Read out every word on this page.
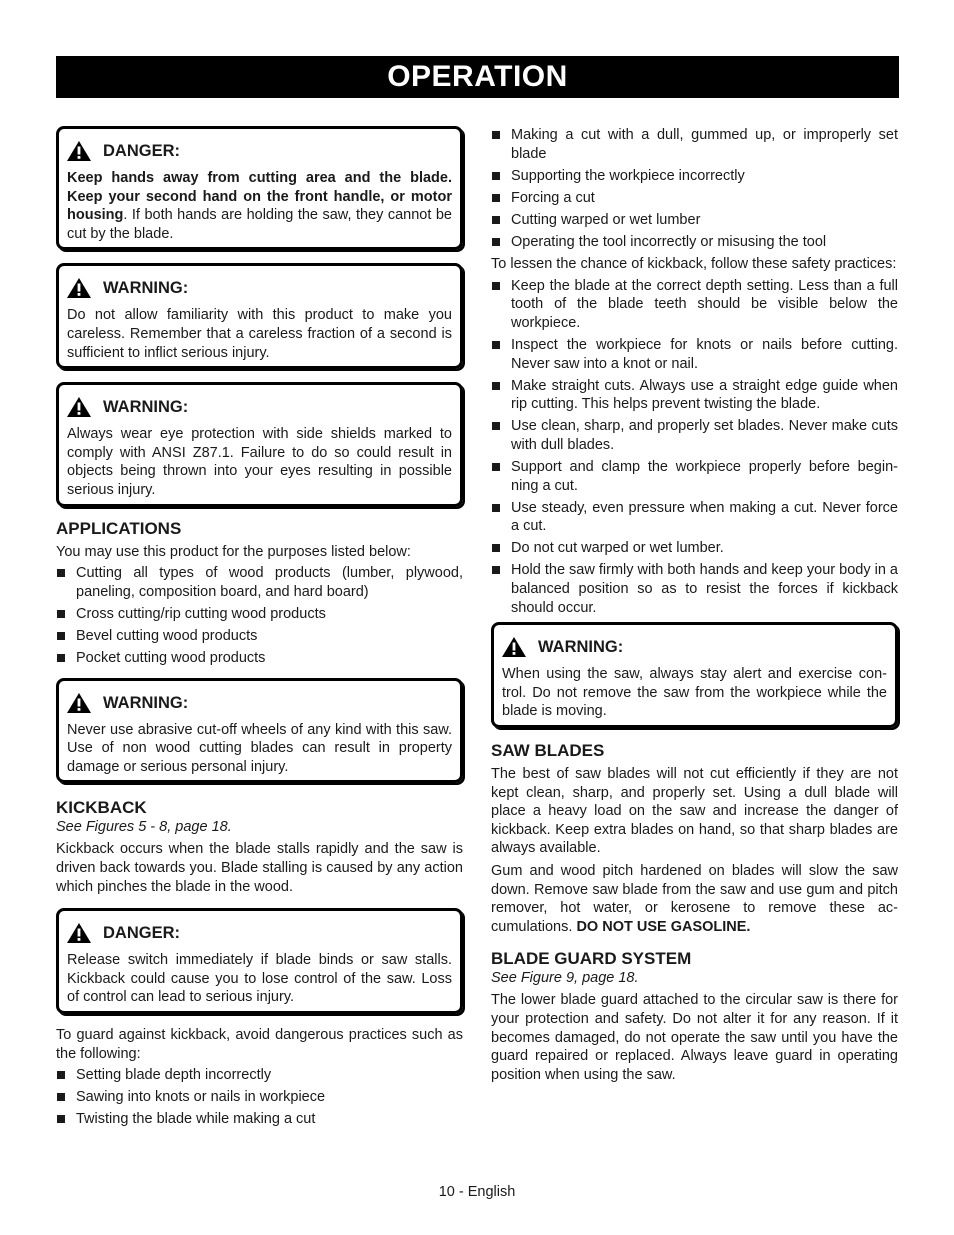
OPERATION
DANGER:

Keep hands away from cutting area and the blade. Keep your second hand on the front handle, or motor housing. If both hands are holding the saw, they cannot be cut by the blade.

WARNING:

Do not allow familiarity with this product to make you careless. Remember that a careless fraction of a second is sufficient to inflict serious injury.

WARNING:

Always wear eye protection with side shields marked to comply with ANSI Z87.1. Failure to do so could result in objects being thrown into your eyes resulting in possible serious injury.

APPLICATIONS

You may use this product for the purposes listed below:

Cutting all types of wood products (lumber, plywood, paneling, composition board, and hard board)
Cross cutting/rip cutting wood products
Bevel cutting wood products
Pocket cutting wood products
WARNING:

Never use abrasive cut-off wheels of any kind with this saw. Use of non wood cutting blades can result in property damage or serious personal injury.

KICKBACK

See Figures 5 - 8, page 18.

Kickback occurs when the blade stalls rapidly and the saw is driven back towards you. Blade stalling is caused by any action which pinches the blade in the wood.

DANGER:

Release switch immediately if blade binds or saw stalls. Kickback could cause you to lose control of the saw. Loss of control can lead to serious injury.

To guard against kickback, avoid dangerous practices such as the following:

Setting blade depth incorrectly
Sawing into knots or nails in workpiece
Twisting the blade while making a cut
Making a cut with a dull, gummed up, or improperly set blade
Supporting the workpiece incorrectly
Forcing a cut
Cutting warped or wet lumber
Operating the tool incorrectly or misusing the tool

To lessen the chance of kickback, follow these safety practices:

Keep the blade at the correct depth setting. Less than a full tooth of the blade teeth should be visible below the workpiece.
Inspect the workpiece for knots or nails before cutting. Never saw into a knot or nail.
Make straight cuts. Always use a straight edge guide when rip cutting. This helps prevent twisting the blade.
Use clean, sharp, and properly set blades. Never make cuts with dull blades.
Support and clamp the workpiece properly before begin-ning a cut.
Use steady, even pressure when making a cut. Never force a cut.
Do not cut warped or wet lumber.
Hold the saw firmly with both hands and keep your body in a balanced position so as to resist the forces if kickback should occur.
WARNING:

When using the saw, always stay alert and exercise con-trol. Do not remove the saw from the workpiece while the blade is moving.

SAW BLADES

The best of saw blades will not cut efficiently if they are not kept clean, sharp, and properly set. Using a dull blade will place a heavy load on the saw and increase the danger of kickback. Keep extra blades on hand, so that sharp blades are always available.

Gum and wood pitch hardened on blades will slow the saw down. Remove saw blade from the saw and use gum and pitch remover, hot water, or kerosene to remove these ac-cumulations. DO NOT USE GASOLINE.

BLADE GUARD SYSTEM

See Figure 9, page 18.

The lower blade guard attached to the circular saw is there for your protection and safety. Do not alter it for any reason. If it becomes damaged, do not operate the saw until you have the guard repaired or replaced. Always leave guard in operating position when using the saw.

10 - English
